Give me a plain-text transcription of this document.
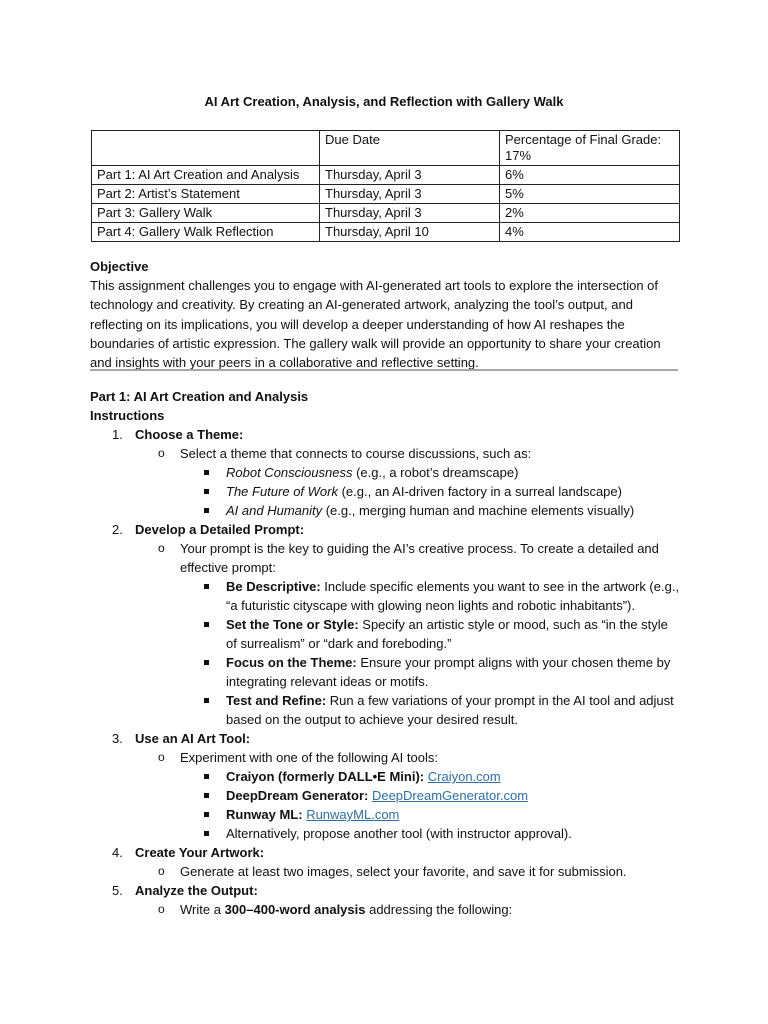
AI Art Creation, Analysis, and Reflection with Gallery Walk
	Due Date	Percentage of Final Grade: 17%
Part 1: AI Art Creation and Analysis	Thursday, April 3	6%
Part 2: Artist’s Statement	Thursday, April 3	5%
Part 3: Gallery Walk	Thursday, April 3	2%
Part 4: Gallery Walk Reflection	Thursday, April 10	4%
Objective

This assignment challenges you to engage with AI-generated art tools to explore the intersection of technology and creativity. By creating an AI-generated artwork, analyzing the tool’s output, and reflecting on its implications, you will develop a deeper understanding of how AI reshapes the boundaries of artistic expression. The gallery walk will provide an opportunity to share your creation and insights with your peers in a collaborative and reflective setting.

Part 1: AI Art Creation and Analysis
Instructions
1. Choose a Theme:
o Select a theme that connects to course discussions, such as:
Robot Consciousness (e.g., a robot’s dreamscape)
The Future of Work (e.g., an AI-driven factory in a surreal landscape)
AI and Humanity (e.g., merging human and machine elements visually)
2. Develop a Detailed Prompt:
o Your prompt is the key to guiding the AI’s creative process. To create a detailed and effective prompt:
Be Descriptive: Include specific elements you want to see in the artwork (e.g., “a futuristic cityscape with glowing neon lights and robotic inhabitants”).
Set the Tone or Style: Specify an artistic style or mood, such as “in the style of surrealism” or “dark and foreboding.”
Focus on the Theme: Ensure your prompt aligns with your chosen theme by integrating relevant ideas or motifs.
Test and Refine: Run a few variations of your prompt in the AI tool and adjust based on the output to achieve your desired result.
3. Use an AI Art Tool:
o Experiment with one of the following AI tools:
Craiyon (formerly DALL•E Mini): Craiyon.com
DeepDream Generator: DeepDreamGenerator.com
Runway ML: RunwayML.com
Alternatively, propose another tool (with instructor approval).
4. Create Your Artwork:
o Generate at least two images, select your favorite, and save it for submission.
5. Analyze the Output:
o Write a 300–400-word analysis addressing the following:
